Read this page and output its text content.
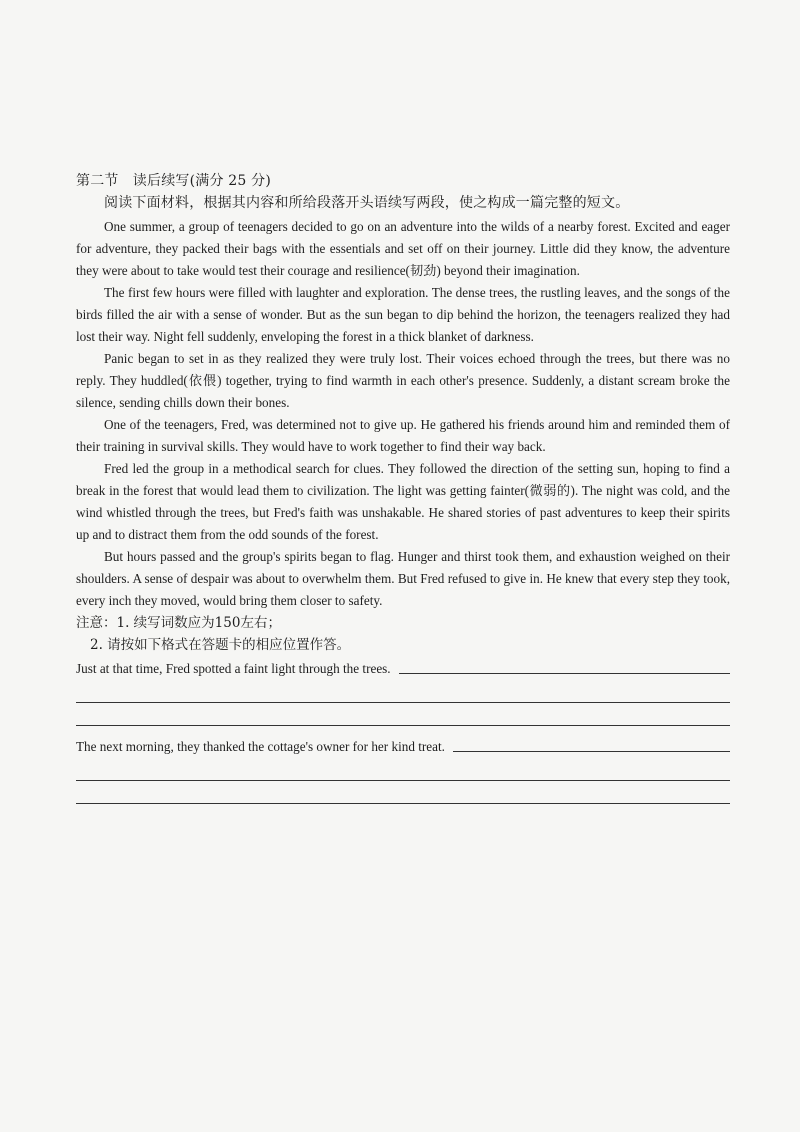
第二节　读后续写(满分 25 分)

阅读下面材料，根据其内容和所给段落开头语续写两段，使之构成一篇完整的短文。

One summer, a group of teenagers decided to go on an adventure into the wilds of a nearby forest. Excited and eager for adventure, they packed their bags with the essentials and set off on their journey. Little did they know, the adventure they were about to take would test their courage and resilience(韧劲) beyond their imagination.

The first few hours were filled with laughter and exploration. The dense trees, the rustling leaves, and the songs of the birds filled the air with a sense of wonder. But as the sun began to dip behind the horizon, the teenagers realized they had lost their way. Night fell suddenly, enveloping the forest in a thick blanket of darkness.

Panic began to set in as they realized they were truly lost. Their voices echoed through the trees, but there was no reply. They huddled(依偎) together, trying to find warmth in each other's presence. Suddenly, a distant scream broke the silence, sending chills down their bones.

One of the teenagers, Fred, was determined not to give up. He gathered his friends around him and reminded them of their training in survival skills. They would have to work together to find their way back.

Fred led the group in a methodical search for clues. They followed the direction of the setting sun, hoping to find a break in the forest that would lead them to civilization. The light was getting fainter(微弱的). The night was cold, and the wind whistled through the trees, but Fred's faith was unshakable. He shared stories of past adventures to keep their spirits up and to distract them from the odd sounds of the forest.

But hours passed and the group's spirits began to flag. Hunger and thirst took them, and exhaustion weighed on their shoulders. A sense of despair was about to overwhelm them. But Fred refused to give in. He knew that every step they took, every inch they moved, would bring them closer to safety.

注意：1. 续写词数应为150左右；

2. 请按如下格式在答题卡的相应位置作答。

Just at that time, Fred spotted a faint light through the trees.
The next morning, they thanked the cottage's owner for her kind treat.
